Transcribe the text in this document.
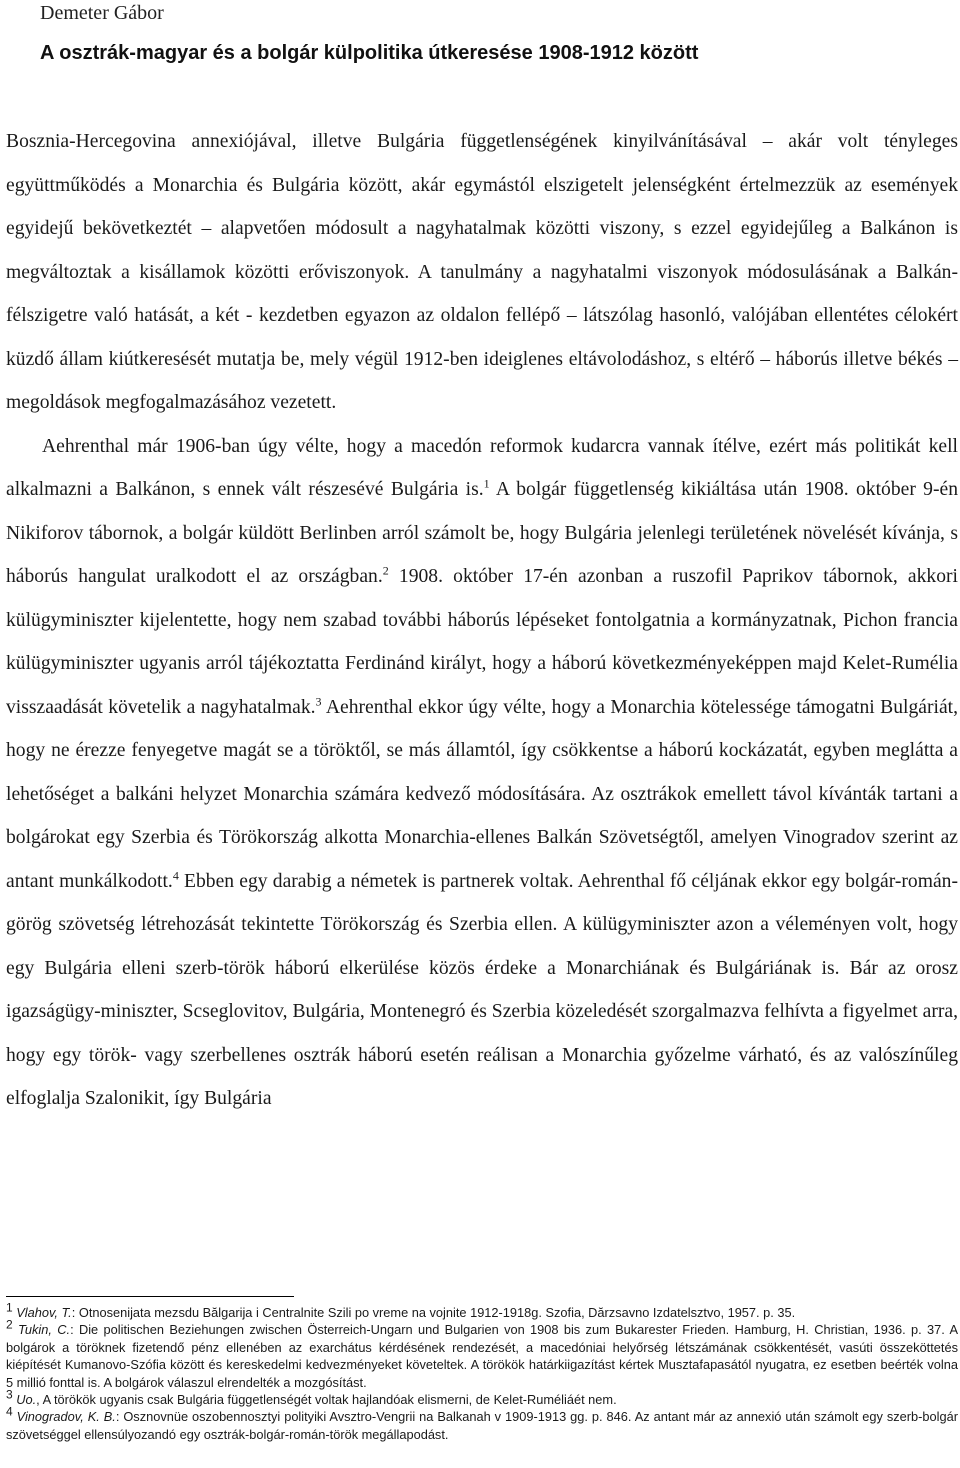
Demeter Gábor
A osztrák-magyar és a bolgár külpolitika útkeresése 1908-1912 között

Bosznia-Hercegovina annexiójával, illetve Bulgária függetlenségének kinyilvánításával – akár volt tényleges együttműködés a Monarchia és Bulgária között, akár egymástól elszigetelt jelenségként értelmezzük az események egyidejű bekövetkeztét – alapvetően módosult a nagyhatalmak közötti viszony, s ezzel egyidejűleg a Balkánon is megváltoztak a kisállamok közötti erőviszonyok. A tanulmány a nagyhatalmi viszonyok módosulásának a Balkán-félszigetre való hatását, a két - kezdetben egyazon az oldalon fellépő – látszólag hasonló, valójában ellentétes célokért küzdő állam kiútkeresését mutatja be, mely végül 1912-ben ideiglenes eltávolodáshoz, s eltérő – háborús illetve békés – megoldások megfogalmazásához vezetett.

Aehrenthal már 1906-ban úgy vélte, hogy a macedón reformok kudarcra vannak ítélve, ezért más politikát kell alkalmazni a Balkánon, s ennek vált részesévé Bulgária is.$^1$ A bolgár függetlenség kikiáltása után 1908. október 9-én Nikiforov tábornok, a bolgár küldött Berlinben arról számolt be, hogy Bulgária jelenlegi területének növelését kívánja, s háborús hangulat uralkodott el az országban.$^2$ 1908. október 17-én azonban a ruszofil Paprikov tábornok, akkori külügyminiszter kijelentette, hogy nem szabad további háborús lépéseket fontolgatnia a kormányzatnak, Pichon francia külügyminiszter ugyanis arról tájékoztatta Ferdinánd királyt, hogy a háború következményeképpen majd Kelet-Rumélia visszaadását követelik a nagyhatalmak.$^3$ Aehrenthal ekkor úgy vélte, hogy a Monarchia kötelessége támogatni Bulgáriát, hogy ne érezze fenyegetve magát se a töröktől, se más államtól, így csökkentse a háború kockázatát, egyben meglátta a lehetőséget a balkáni helyzet Monarchia számára kedvező módosítására. Az osztrákok emellett távol kívánták tartani a bolgárokat egy Szerbia és Törökország alkotta Monarchia-ellenes Balkán Szövetségtől, amelyen Vinogradov szerint az antant munkálkodott.$^4$ Ebben egy darabig a németek is partnerek voltak. Aehrenthal fő céljának ekkor egy bolgár-román-görög szövetség létrehozását tekintette Törökország és Szerbia ellen. A külügyminiszter azon a véleményen volt, hogy egy Bulgária elleni szerb-török háború elkerülése közös érdeke a Monarchiának és Bulgáriának is. Bár az orosz igazságügy-miniszter, Scseglovitov, Bulgária, Montenegró és Szerbia közeledését szorgalmazva felhívta a figyelmet arra, hogy egy török- vagy szerbellenes osztrák háború esetén reálisan a Monarchia győzelme várható, és az valószínűleg elfoglalja Szalonikit, így Bulgária

$^1$ Vlahov, T.: Otnosenijata mezsdu Bălgarija i Centralnite Szili po vreme na vojnite 1912-1918g. Szofia, Dărzsavno Izdatelsztvo, 1957. p. 35.

$^2$ Tukin, C.: Die politischen Beziehungen zwischen Österreich-Ungarn und Bulgarien von 1908 bis zum Bukarester Frieden. Hamburg, H. Christian, 1936. p. 37. A bolgárok a töröknek fizetendő pénz ellenében az exarchátus kérdésének rendezését, a macedóniai helyőrség létszámának csökkentését, vasúti összeköttetés kiépítését Kumanovo-Szófia között és kereskedelmi kedvezményeket követeltek. A törökök határkiigazítást kértek Musztafapasától nyugatra, ez esetben beérték volna 5 millió fonttal is. A bolgárok válaszul elrendelték a mozgósítást.

$^3$ Uo., A törökök ugyanis csak Bulgária függetlenségét voltak hajlandóak elismerni, de Kelet-Ruméliáét nem.

$^4$ Vinogradov, K. B.: Osznovnüe oszobennosztyi polityiki Avsztro-Vengrii na Balkanah v 1909-1913 gg. p. 846. Az antant már az annexió után számolt egy szerb-bolgár szövetséggel ellensúlyozandó egy osztrák-bolgár-román-török megállapodást.
